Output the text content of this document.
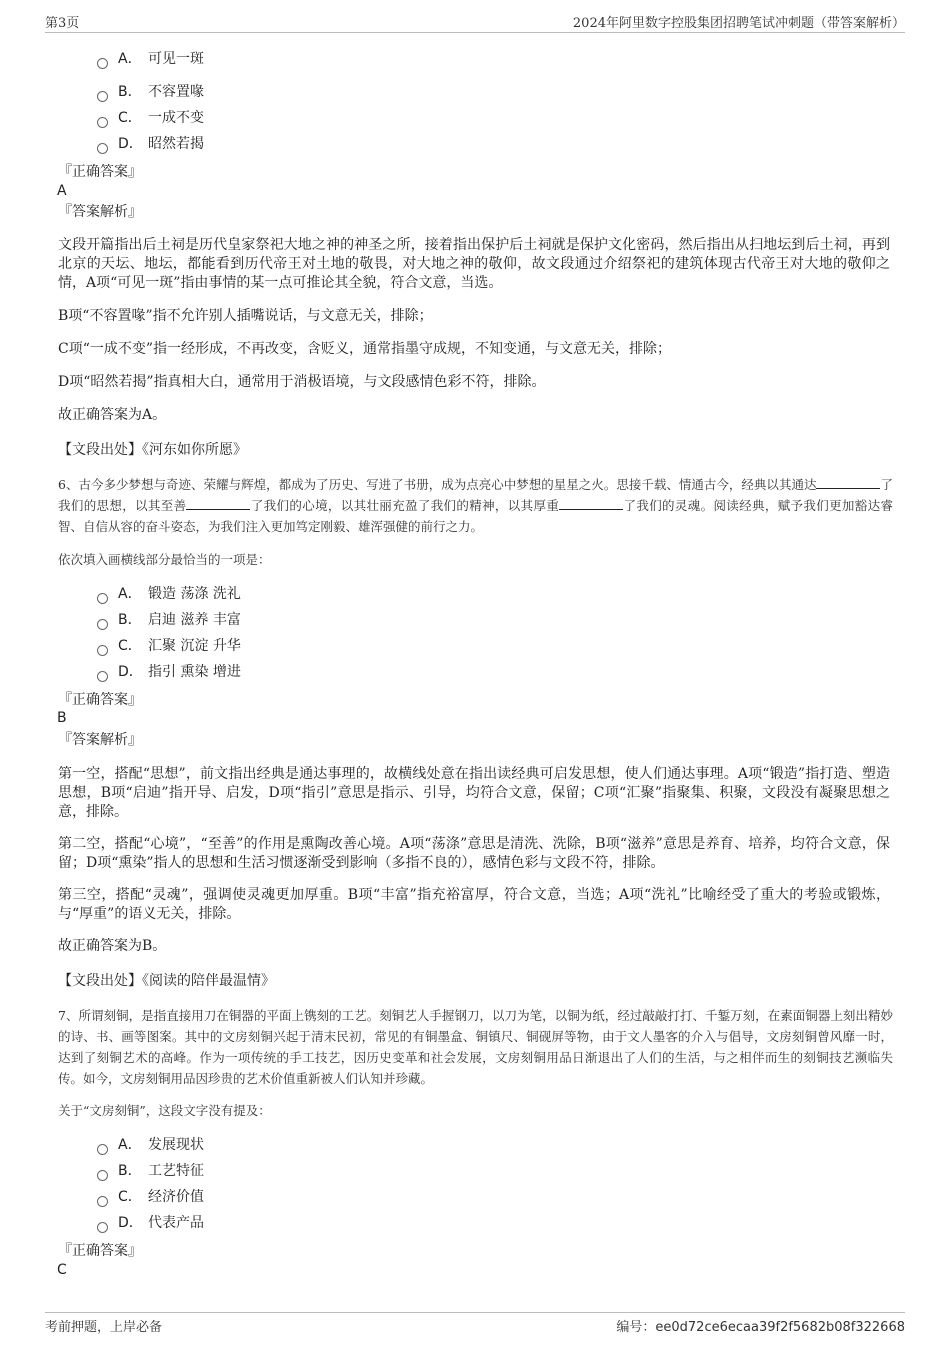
第3页	2024年阿里数字控股集团招聘笔试冲刺题（带答案解析）
A． 可见一斑
B． 不容置喙
C． 一成不变
D． 昭然若揭
『正确答案』
A
『答案解析』
文段开篇指出后土祠是历代皇家祭祀大地之神的神圣之所，接着指出保护后土祠就是保护文化密码，然后指出从扫地坛到后土祠，再到北京的天坛、地坛，都能看到历代帝王对土地的敬畏，对大地之神的敬仰，故文段通过介绍祭祀的建筑体现古代帝王对大地的敬仰之情，A项“可见一斑”指由事情的某一点可推论其全貌，符合文意，当选。
B项“不容置喙”指不允许别人插嘴说话，与文意无关，排除；
C项“一成不变”指一经形成，不再改变，含贬义，通常指墨守成规，不知变通，与文意无关，排除；
D项“昭然若揭”指真相大白，通常用于消极语境，与文段感情色彩不符，排除。
故正确答案为A。
【文段出处】《河东如你所愿》
6、古今多少梦想与奇迹、荣耀与辉煌，都成为了历史、写进了书册，成为点亮心中梦想的星星之火。思接千载、情通古今，经典以其通达	了我们的思想，以其至善	了我们的心境，以其壮丽充盈了我们的精神，以其厚重	了我们的灵魂。阅读经典，赋予我们更加豁达睿智、自信从容的奋斗姿态，为我们注入更加笃定刚毅、雄浑强健的前行之力。
依次填入画横线部分最恰当的一项是：
A． 锻造 荡涤 洗礼
B． 启迪 滋养 丰富
C． 汇聚 沉淀 升华
D． 指引 熏染 增进
『正确答案』
B
『答案解析』
第一空，搭配“思想”，前文指出经典是通达事理的，故横线处意在指出读经典可启发思想，使人们通达事理。A项“锻造”指打造、塑造思想，B项“启迪”指开导、启发，D项“指引”意思是指示、引导，均符合文意，保留；C项“汇聚”指聚集、积聚，文段没有凝聚思想之意，排除。
第二空，搭配“心境”，“至善”的作用是熏陶改善心境。A项“荡涤”意思是清洗、洗除，B项“滋养”意思是养育、培养，均符合文意，保留；D项“熏染”指人的思想和生活习惯逐渐受到影响（多指不良的），感情色彩与文段不符，排除。
第三空，搭配“灵魂”，强调使灵魂更加厚重。B项“丰富”指充裕富厚，符合文意，当选；A项“洗礼”比喻经受了重大的考验或锻炼，与“厚重”的语义无关，排除。
故正确答案为B。
【文段出处】《阅读的陪伴最温情》
7、所谓刻铜，是指直接用刀在铜器的平面上镌刻的工艺。刻铜艺人手握钢刀，以刀为笔，以铜为纸，经过敲敲打打、千錾万刻，在素面铜器上刻出精妙的诗、书、画等图案。其中的文房刻铜兴起于清末民初，常见的有铜墨盒、铜镇尺、铜砚屏等物，由于文人墨客的介入与倡导，文房刻铜曾风靡一时，达到了刻铜艺术的高峰。作为一项传统的手工技艺，因历史变革和社会发展，文房刻铜用品日渐退出了人们的生活，与之相伴而生的刻铜技艺濒临失传。如今，文房刻铜用品因珍贵的艺术价值重新被人们认知并珍藏。
关于“文房刻铜”，这段文字没有提及：
A． 发展现状
B． 工艺特征
C． 经济价值
D． 代表产品
『正确答案』
C
考前押题，上岸必备	编号：ee0d72ce6ecaa39f2f5682b08f322668
